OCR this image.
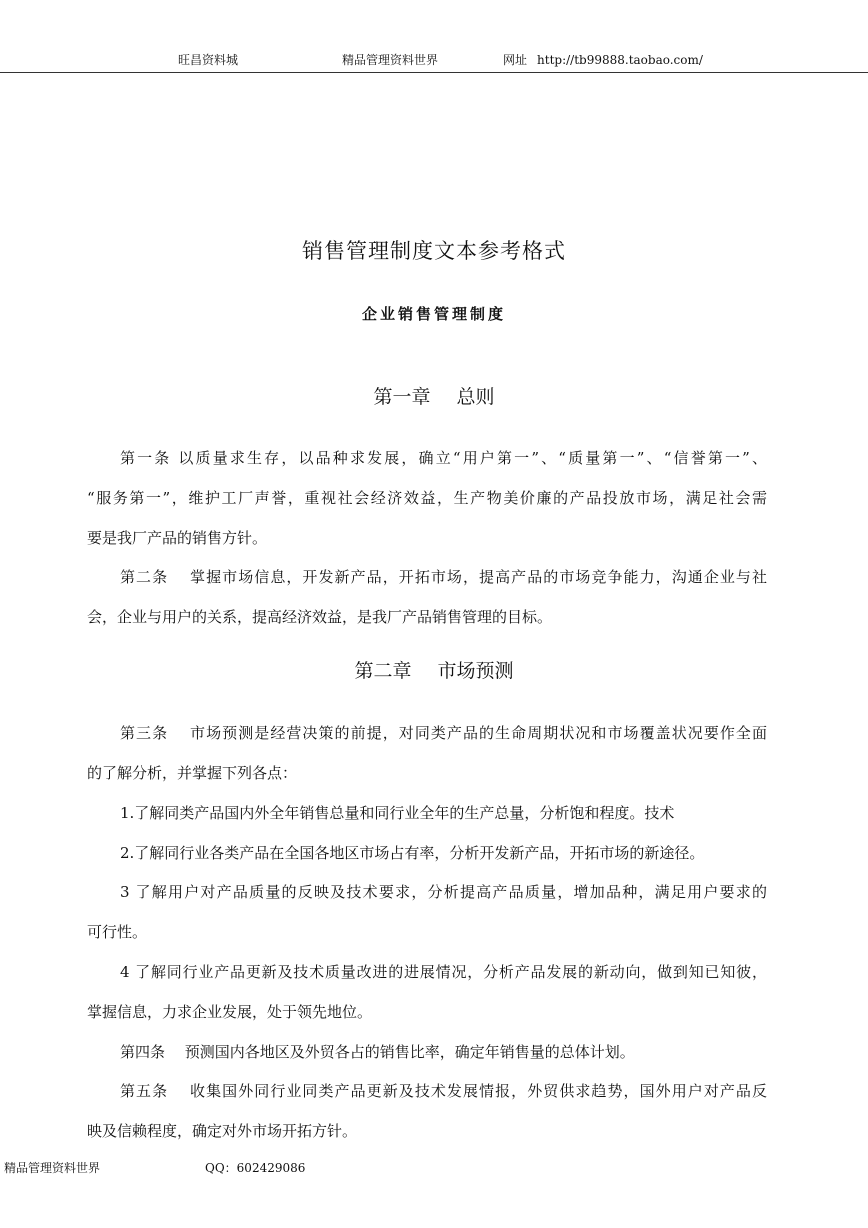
旺昌资料城	精品管理资料世界	网址 http://tb99888.taobao.com/
销售管理制度文本参考格式
企业销售管理制度
第一章 总则
第一条 以质量求生存，以品种求发展，确立“用户第一”、“质量第一”、“信誉第一”、
“服务第一”，维护工厂声誉，重视社会经济效益，生产物美价廉的产品投放市场，满足社会需
要是我厂产品的销售方针。
第二条　 掌握市场信息，开发新产品，开拓市场，提高产品的市场竞争能力，沟通企业与社
会，企业与用户的关系，提高经济效益，是我厂产品销售管理的目标。
第二章 市场预测
第三条　 市场预测是经营决策的前提，对同类产品的生命周期状况和市场覆盖状况要作全面
的了解分析，并掌握下列各点：
1.了解同类产品国内外全年销售总量和同行业全年的生产总量，分析饱和程度。技术
2.了解同行业各类产品在全国各地区市场占有率，分析开发新产品，开拓市场的新途径。
3 了解用户对产品质量的反映及技术要求，分析提高产品质量，增加品种，满足用户要求的
可行性。
4 了解同行业产品更新及技术质量改进的进展情况，分析产品发展的新动向，做到知已知彼，
掌握信息，力求企业发展，处于领先地位。
第四条　 预测国内各地区及外贸各占的销售比率，确定年销售量的总体计划。
第五条　 收集国外同行业同类产品更新及技术发展情报，外贸供求趋势，国外用户对产品反
映及信赖程度，确定对外市场开拓方针。
精品管理资料世界	QQ：602429086
